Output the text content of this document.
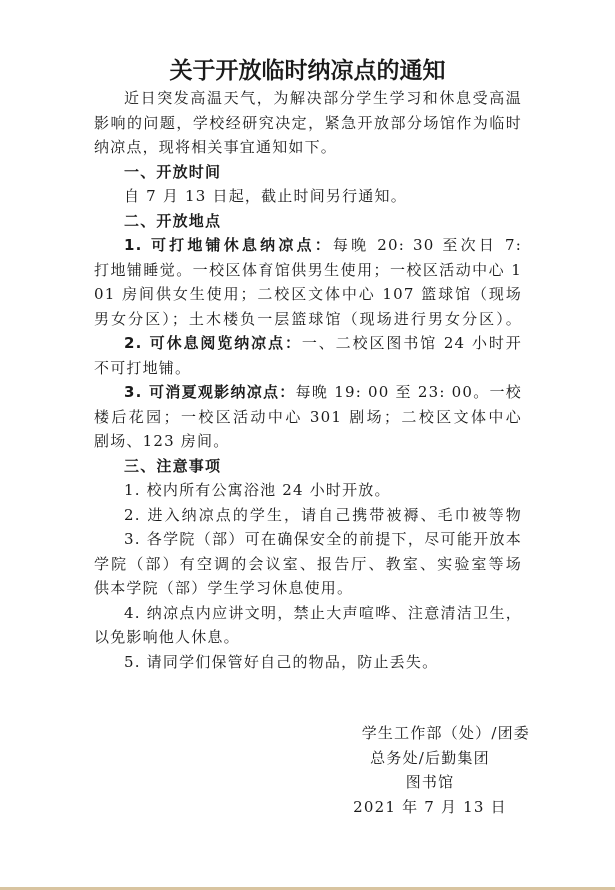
关于开放临时纳凉点的通知
近日突发高温天气，为解决部分学生学习和休息受高温
影响的问题，学校经研究决定，紧急开放部分场馆作为临时
纳凉点，现将相关事宜通知如下。
一、开放时间
自 7 月 13 日起，截止时间另行通知。
二、开放地点
1. 可打地铺休息纳凉点：每晚 20: 30 至次日 7:
打地铺睡觉。一校区体育馆供男生使用；一校区活动中心 1
01 房间供女生使用；二校区文体中心 107 篮球馆（现场
男女分区）；土木楼负一层篮球馆（现场进行男女分区）。
2. 可休息阅览纳凉点：一、二校区图书馆 24 小时开
不可打地铺。
3. 可消夏观影纳凉点：每晚 19: 00 至 23: 00。一校
楼后花园；一校区活动中心 301 剧场；二校区文体中心
剧场、123 房间。
三、注意事项
1. 校内所有公寓浴池 24 小时开放。
2. 进入纳凉点的学生，请自己携带被褥、毛巾被等物
3. 各学院（部）可在确保安全的前提下，尽可能开放本
学院（部）有空调的会议室、报告厅、教室、实验室等场
供本学院（部）学生学习休息使用。
4. 纳凉点内应讲文明，禁止大声喧哗、注意清洁卫生，
以免影响他人休息。
5. 请同学们保管好自己的物品，防止丢失。
学生工作部（处）/团委
总务处/后勤集团
图书馆
2021 年 7 月 13 日
